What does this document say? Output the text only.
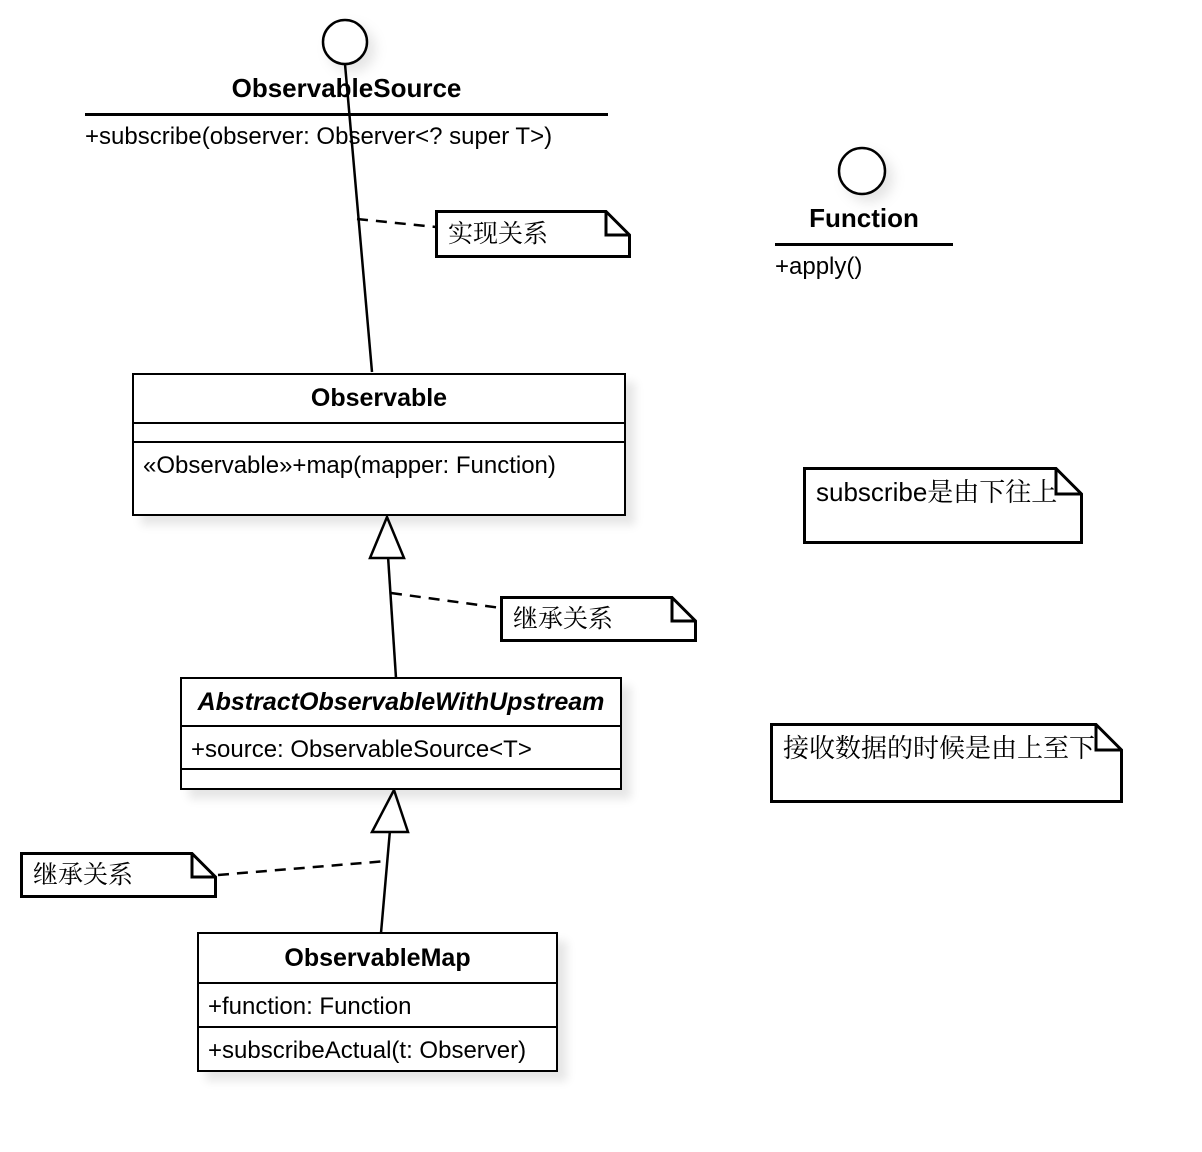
ObservableSource
+subscribe(observer: Observer<? super T>)
Function
+apply()
Observable
«Observable»+map(mapper: Function)
AbstractObservableWithUpstream
+source: ObservableSource<T>
ObservableMap
+function: Function
+subscribeActual(t: Observer)
实现关系
继承关系
继承关系
subscribe是由下往上
接收数据的时候是由上至下
